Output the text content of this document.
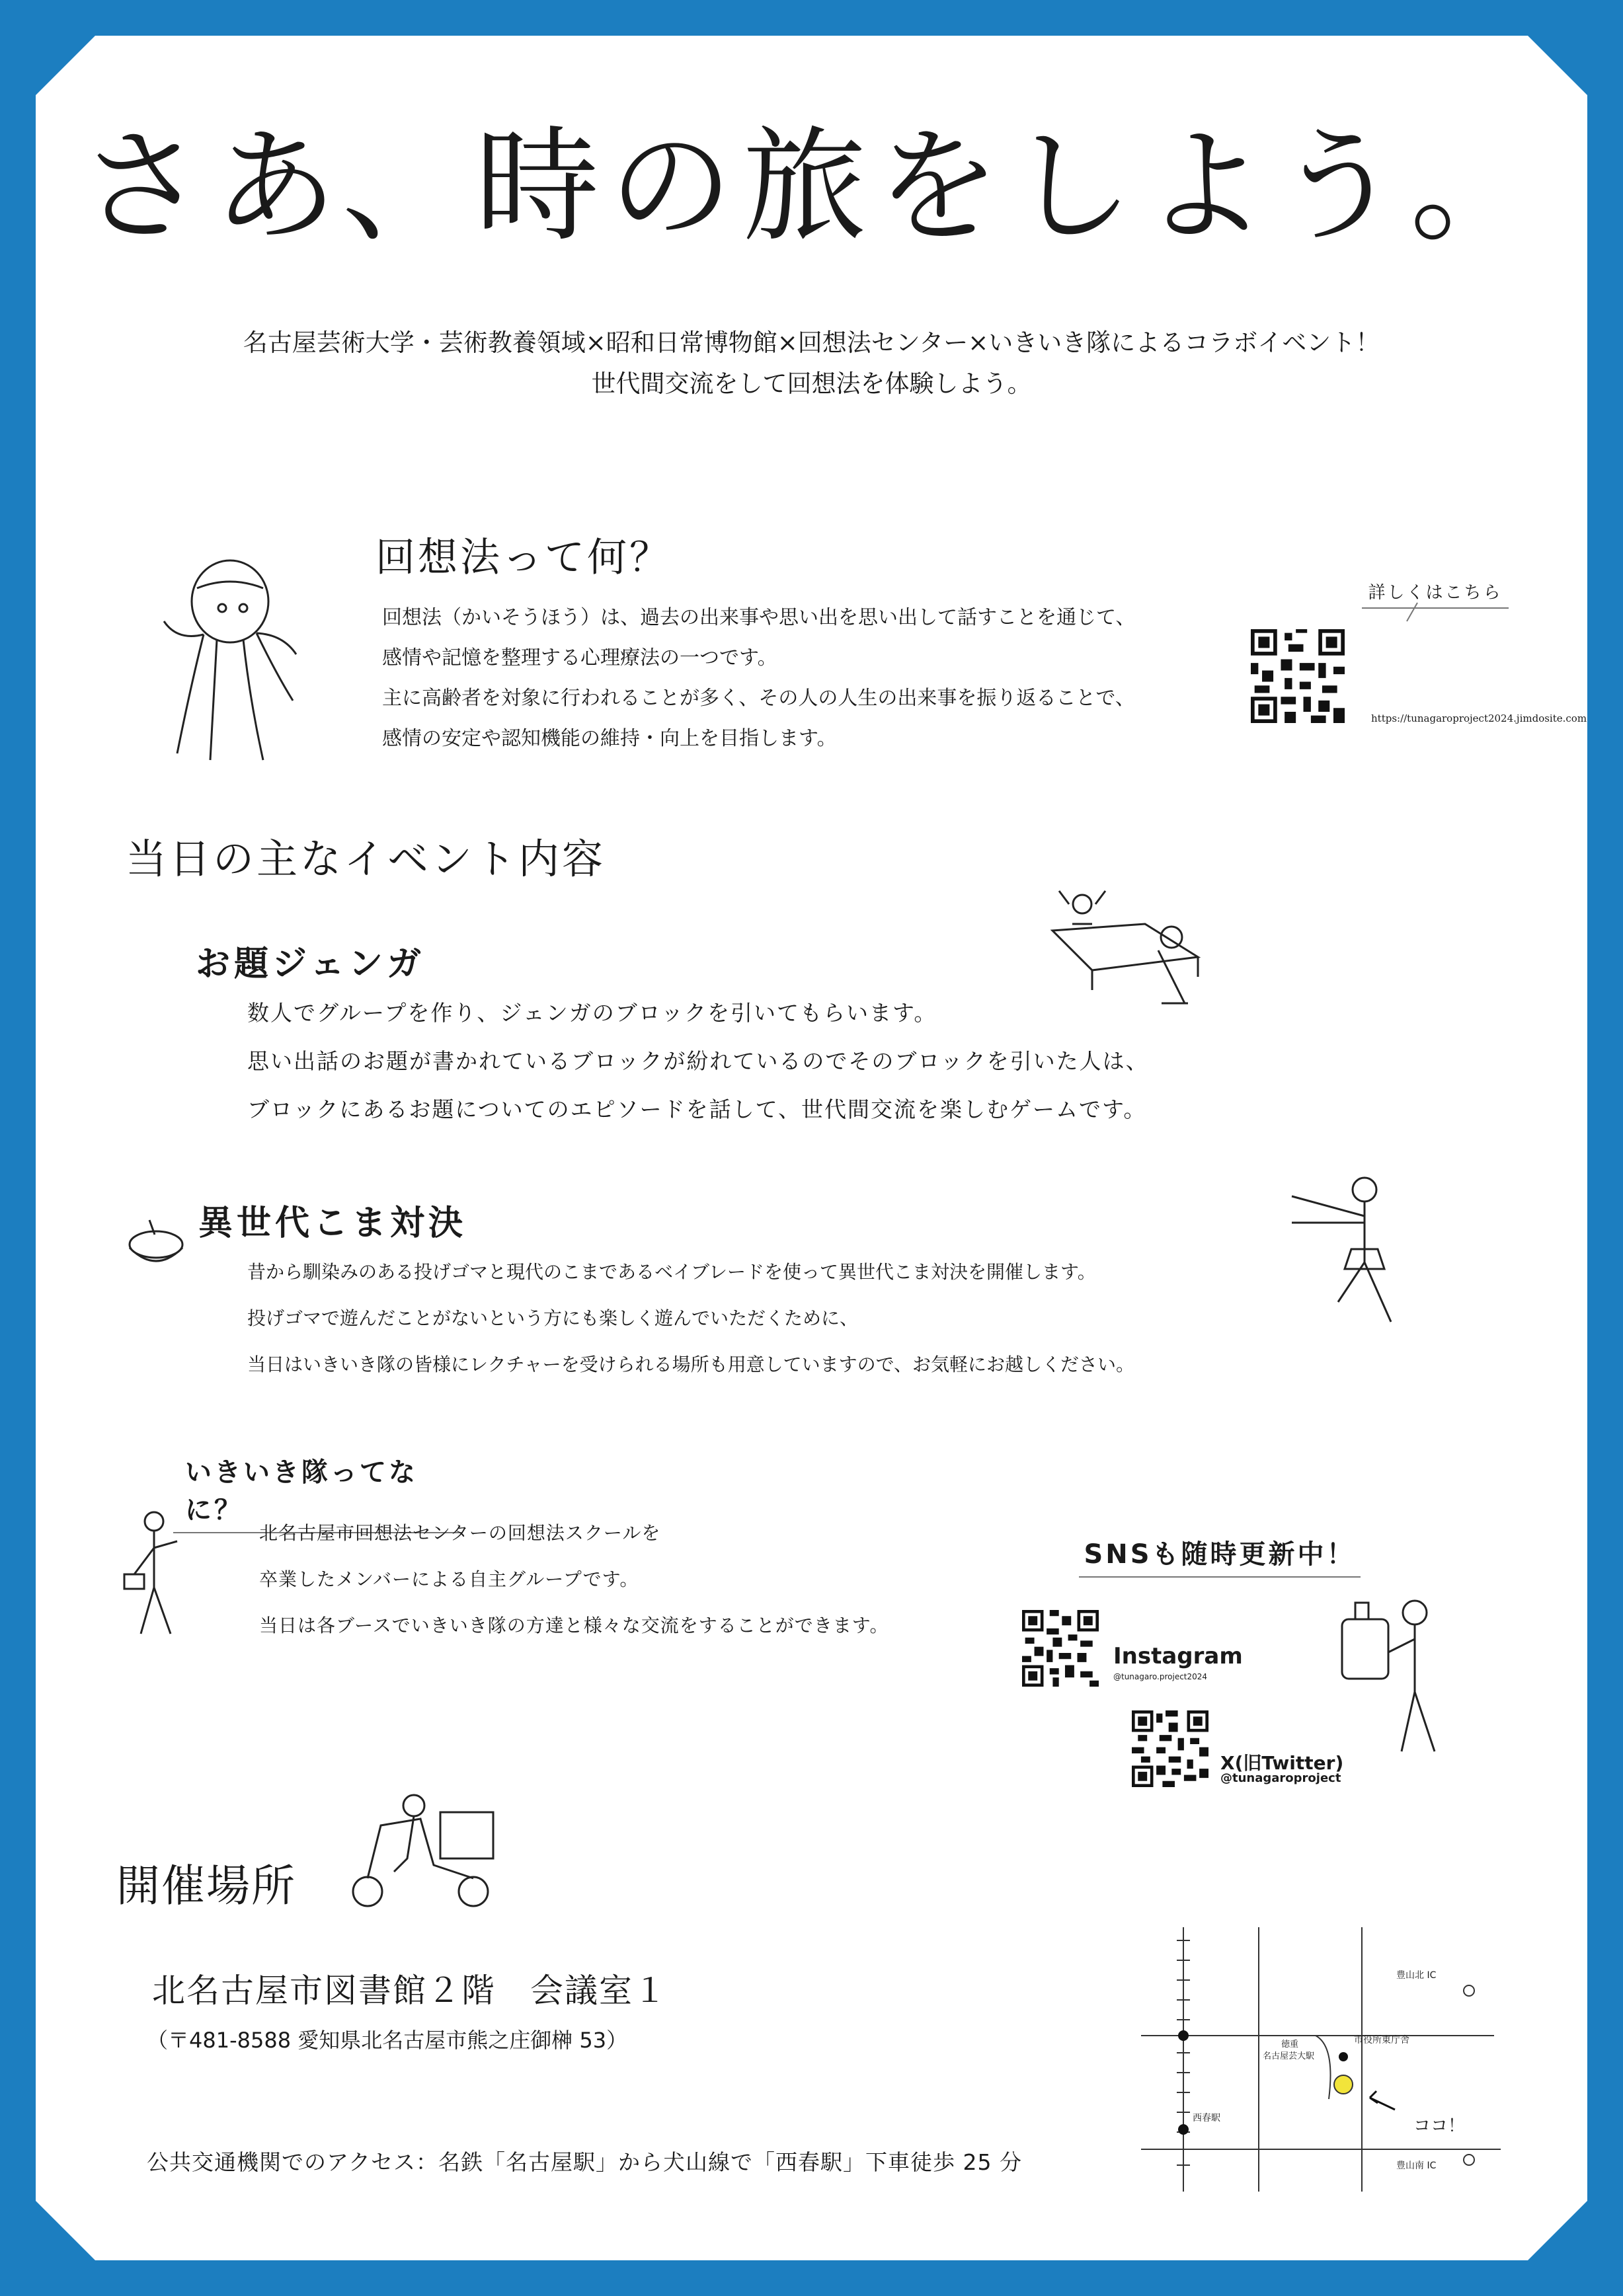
さあ、時の旅をしよう。
名古屋芸術大学・芸術教養領域×昭和日常博物館×回想法センター×いきいき隊によるコラボイベント！
世代間交流をして回想法を体験しよう。
回想法って何？
回想法（かいそうほう）は、過去の出来事や思い出を思い出して話すことを通じて、
感情や記憶を整理する心理療法の一つです。
主に高齢者を対象に行われることが多く、その人の人生の出来事を振り返ることで、
感情の安定や認知機能の維持・向上を目指します。
詳しくはこちら
https://tunagaroproject2024.jimdosite.com
当日の主なイベント内容
お題ジェンガ
数人でグループを作り、ジェンガのブロックを引いてもらいます。
思い出話のお題が書かれているブロックが紛れているのでそのブロックを引いた人は、
ブロックにあるお題についてのエピソードを話して、世代間交流を楽しむゲームです。
異世代こま対決
昔から馴染みのある投げゴマと現代のこまであるベイブレードを使って異世代こま対決を開催します。
投げゴマで遊んだことがないという方にも楽しく遊んでいただくために、
当日はいきいき隊の皆様にレクチャーを受けられる場所も用意していますので、お気軽にお越しください。
いきいき隊ってなに？
北名古屋市回想法センターの回想法スクールを
卒業したメンバーによる自主グループです。
当日は各ブースでいきいき隊の方達と様々な交流をすることができます。
SNSも随時更新中！
Instagram
@tunagaro.project2024
X(旧Twitter)
@tunagaroproject
開催場所
北名古屋市図書館２階　会議室１
（〒481-8588 愛知県北名古屋市熊之庄御榊 53）
公共交通機関でのアクセス：名鉄「名古屋駅」から犬山線で「西春駅」下車徒歩 25 分
豊山北 IC
豊山南 IC
市役所東庁舎
徳重
名古屋芸大駅
西春駅	ココ！
